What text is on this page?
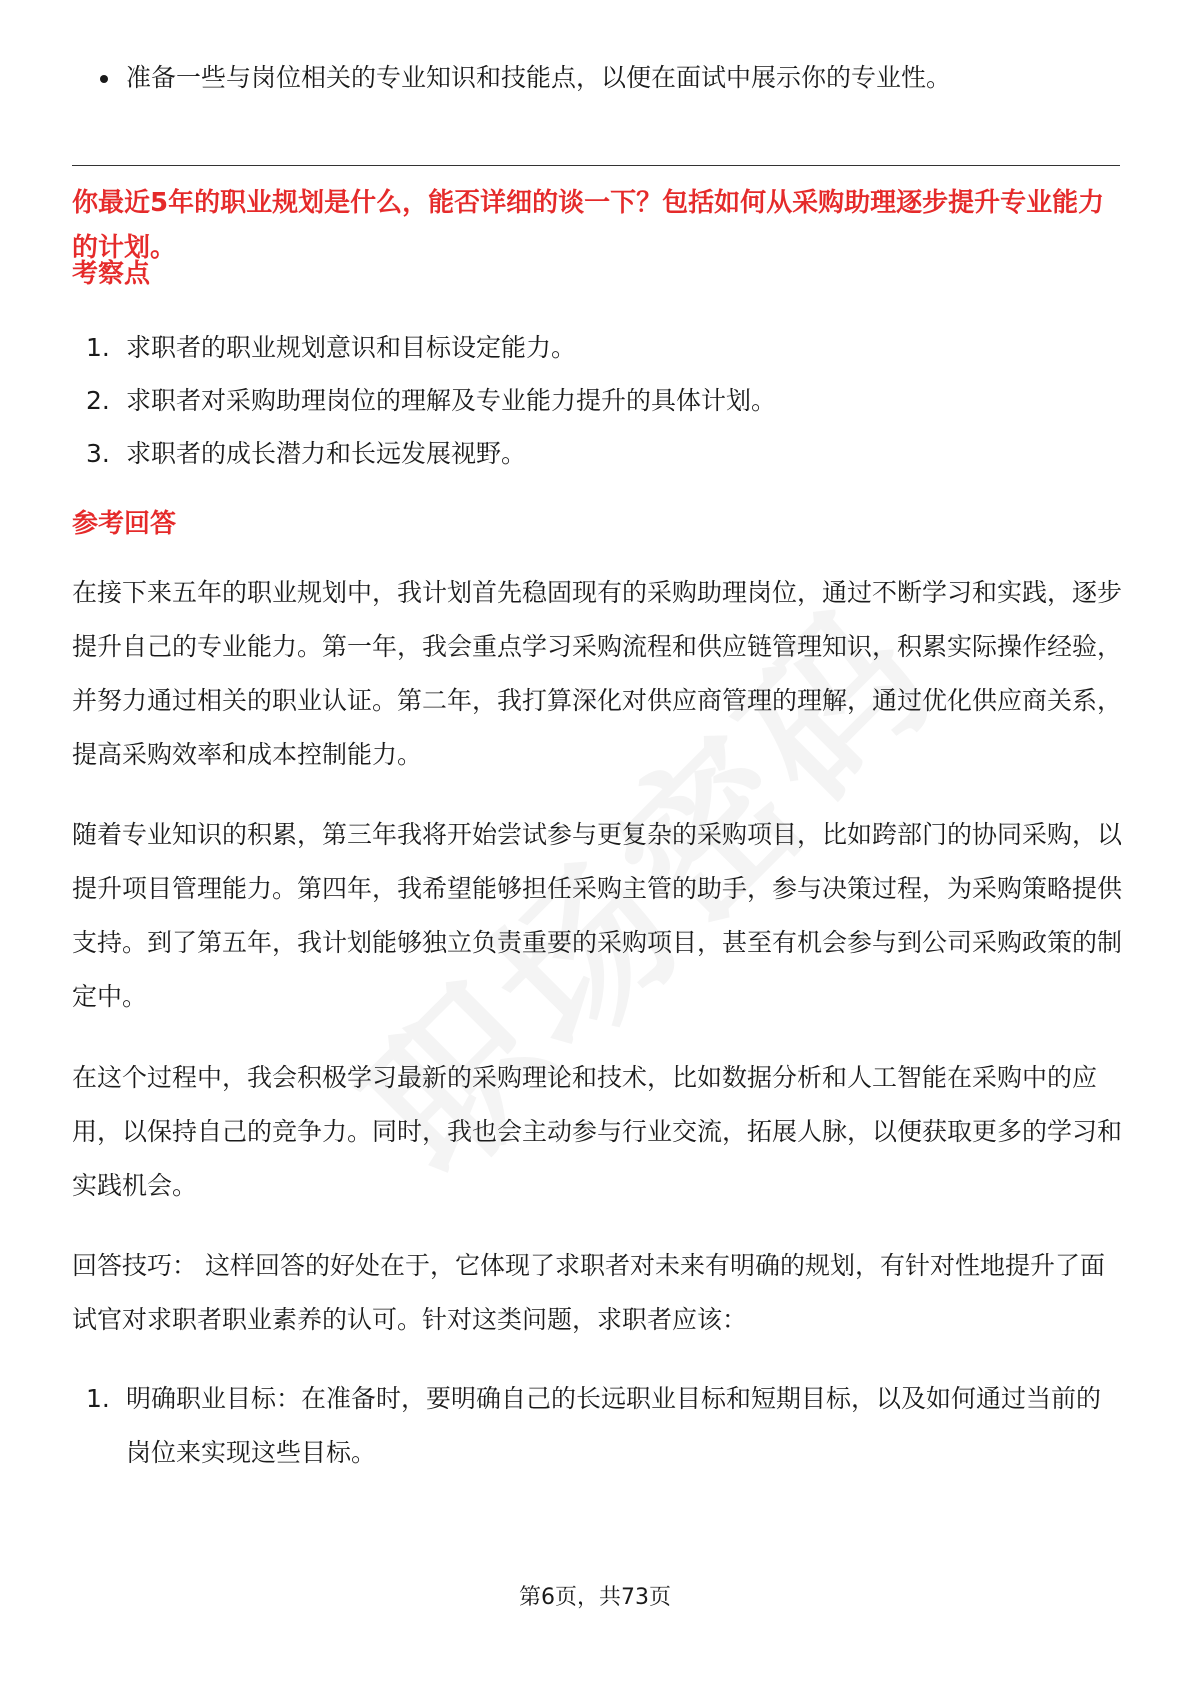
准备一些与岗位相关的专业知识和技能点，以便在面试中展示你的专业性。
你最近5年的职业规划是什么，能否详细的谈一下？包括如何从采购助理逐步提升专业能力的计划。
考察点
1. 求职者的职业规划意识和目标设定能力。
2. 求职者对采购助理岗位的理解及专业能力提升的具体计划。
3. 求职者的成长潜力和长远发展视野。
参考回答
在接下来五年的职业规划中，我计划首先稳固现有的采购助理岗位，通过不断学习和实践，逐步提升自己的专业能力。第一年，我会重点学习采购流程和供应链管理知识，积累实际操作经验，并努力通过相关的职业认证。第二年，我打算深化对供应商管理的理解，通过优化供应商关系，提高采购效率和成本控制能力。
随着专业知识的积累，第三年我将开始尝试参与更复杂的采购项目，比如跨部门的协同采购，以提升项目管理能力。第四年，我希望能够担任采购主管的助手，参与决策过程，为采购策略提供支持。到了第五年，我计划能够独立负责重要的采购项目，甚至有机会参与到公司采购政策的制定中。
在这个过程中，我会积极学习最新的采购理论和技术，比如数据分析和人工智能在采购中的应用，以保持自己的竞争力。同时，我也会主动参与行业交流，拓展人脉，以便获取更多的学习和实践机会。
回答技巧： 这样回答的好处在于，它体现了求职者对未来有明确的规划，有针对性地提升了面试官对求职者职业素养的认可。针对这类问题，求职者应该：
1. 明确职业目标：在准备时，要明确自己的长远职业目标和短期目标，以及如何通过当前的岗位来实现这些目标。
第6页，共73页
